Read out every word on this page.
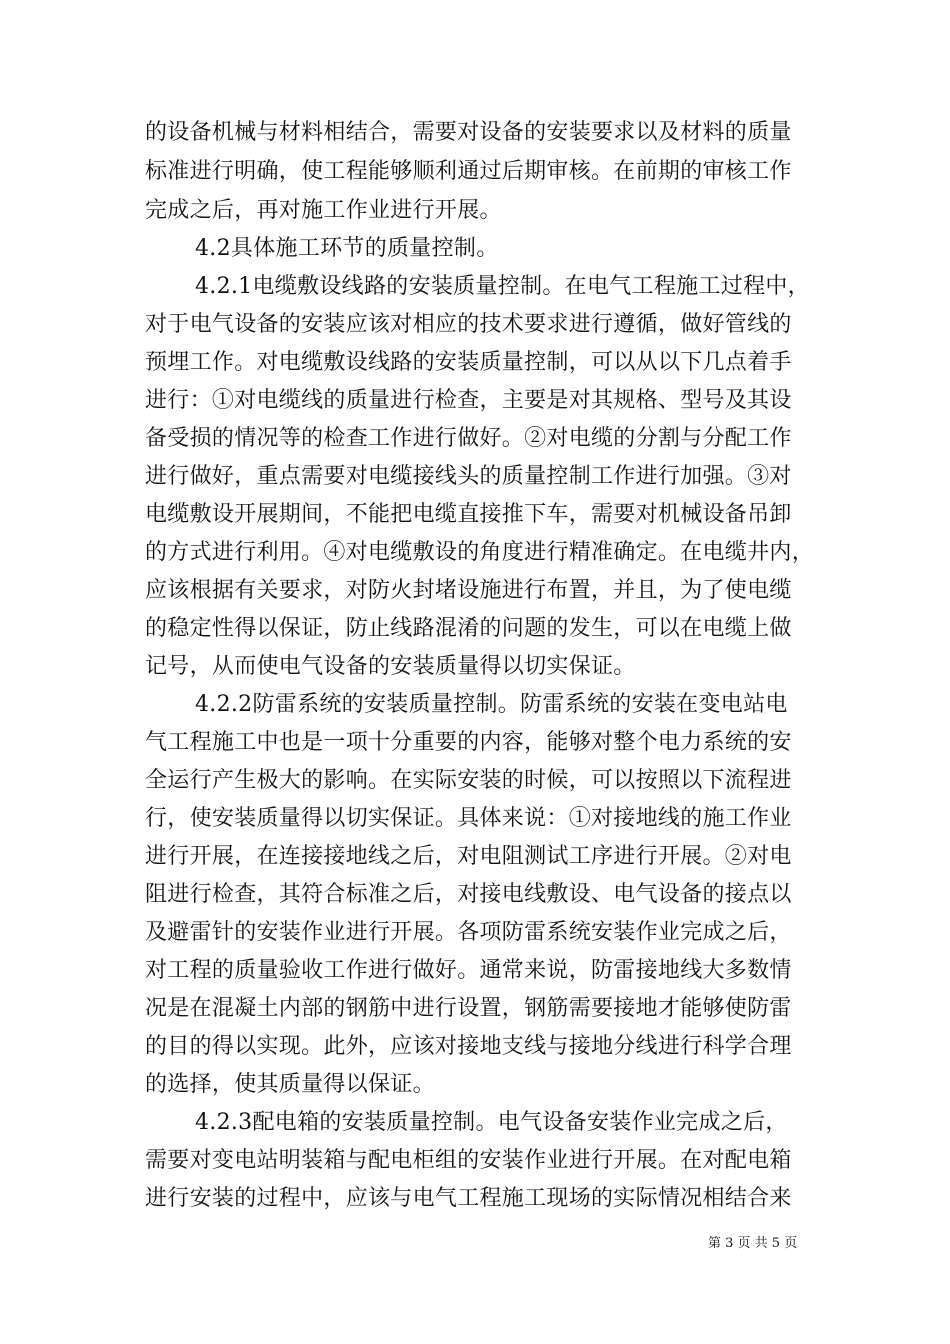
的设备机械与材料相结合，需要对设备的安装要求以及材料的质量
标准进行明确，使工程能够顺利通过后期审核。在前期的审核工作
完成之后，再对施工作业进行开展。
4.2具体施工环节的质量控制。
4.2.1电缆敷设线路的安装质量控制。在电气工程施工过程中，
对于电气设备的安装应该对相应的技术要求进行遵循，做好管线的
预埋工作。对电缆敷设线路的安装质量控制，可以从以下几点着手
进行：①对电缆线的质量进行检查，主要是对其规格、型号及其设
备受损的情况等的检查工作进行做好。②对电缆的分割与分配工作
进行做好，重点需要对电缆接线头的质量控制工作进行加强。③对
电缆敷设开展期间，不能把电缆直接推下车，需要对机械设备吊卸
的方式进行利用。④对电缆敷设的角度进行精准确定。在电缆井内，
应该根据有关要求，对防火封堵设施进行布置，并且，为了使电缆
的稳定性得以保证，防止线路混淆的问题的发生，可以在电缆上做
记号，从而使电气设备的安装质量得以切实保证。
4.2.2防雷系统的安装质量控制。防雷系统的安装在变电站电
气工程施工中也是一项十分重要的内容，能够对整个电力系统的安
全运行产生极大的影响。在实际安装的时候，可以按照以下流程进
行，使安装质量得以切实保证。具体来说：①对接地线的施工作业
进行开展，在连接接地线之后，对电阻测试工序进行开展。②对电
阻进行检查，其符合标准之后，对接电线敷设、电气设备的接点以
及避雷针的安装作业进行开展。各项防雷系统安装作业完成之后，
对工程的质量验收工作进行做好。通常来说，防雷接地线大多数情
况是在混凝土内部的钢筋中进行设置，钢筋需要接地才能够使防雷
的目的得以实现。此外，应该对接地支线与接地分线进行科学合理
的选择，使其质量得以保证。
4.2.3配电箱的安装质量控制。电气设备安装作业完成之后，
需要对变电站明装箱与配电柜组的安装作业进行开展。在对配电箱
进行安装的过程中，应该与电气工程施工现场的实际情况相结合来
第 3 页 共 5 页
